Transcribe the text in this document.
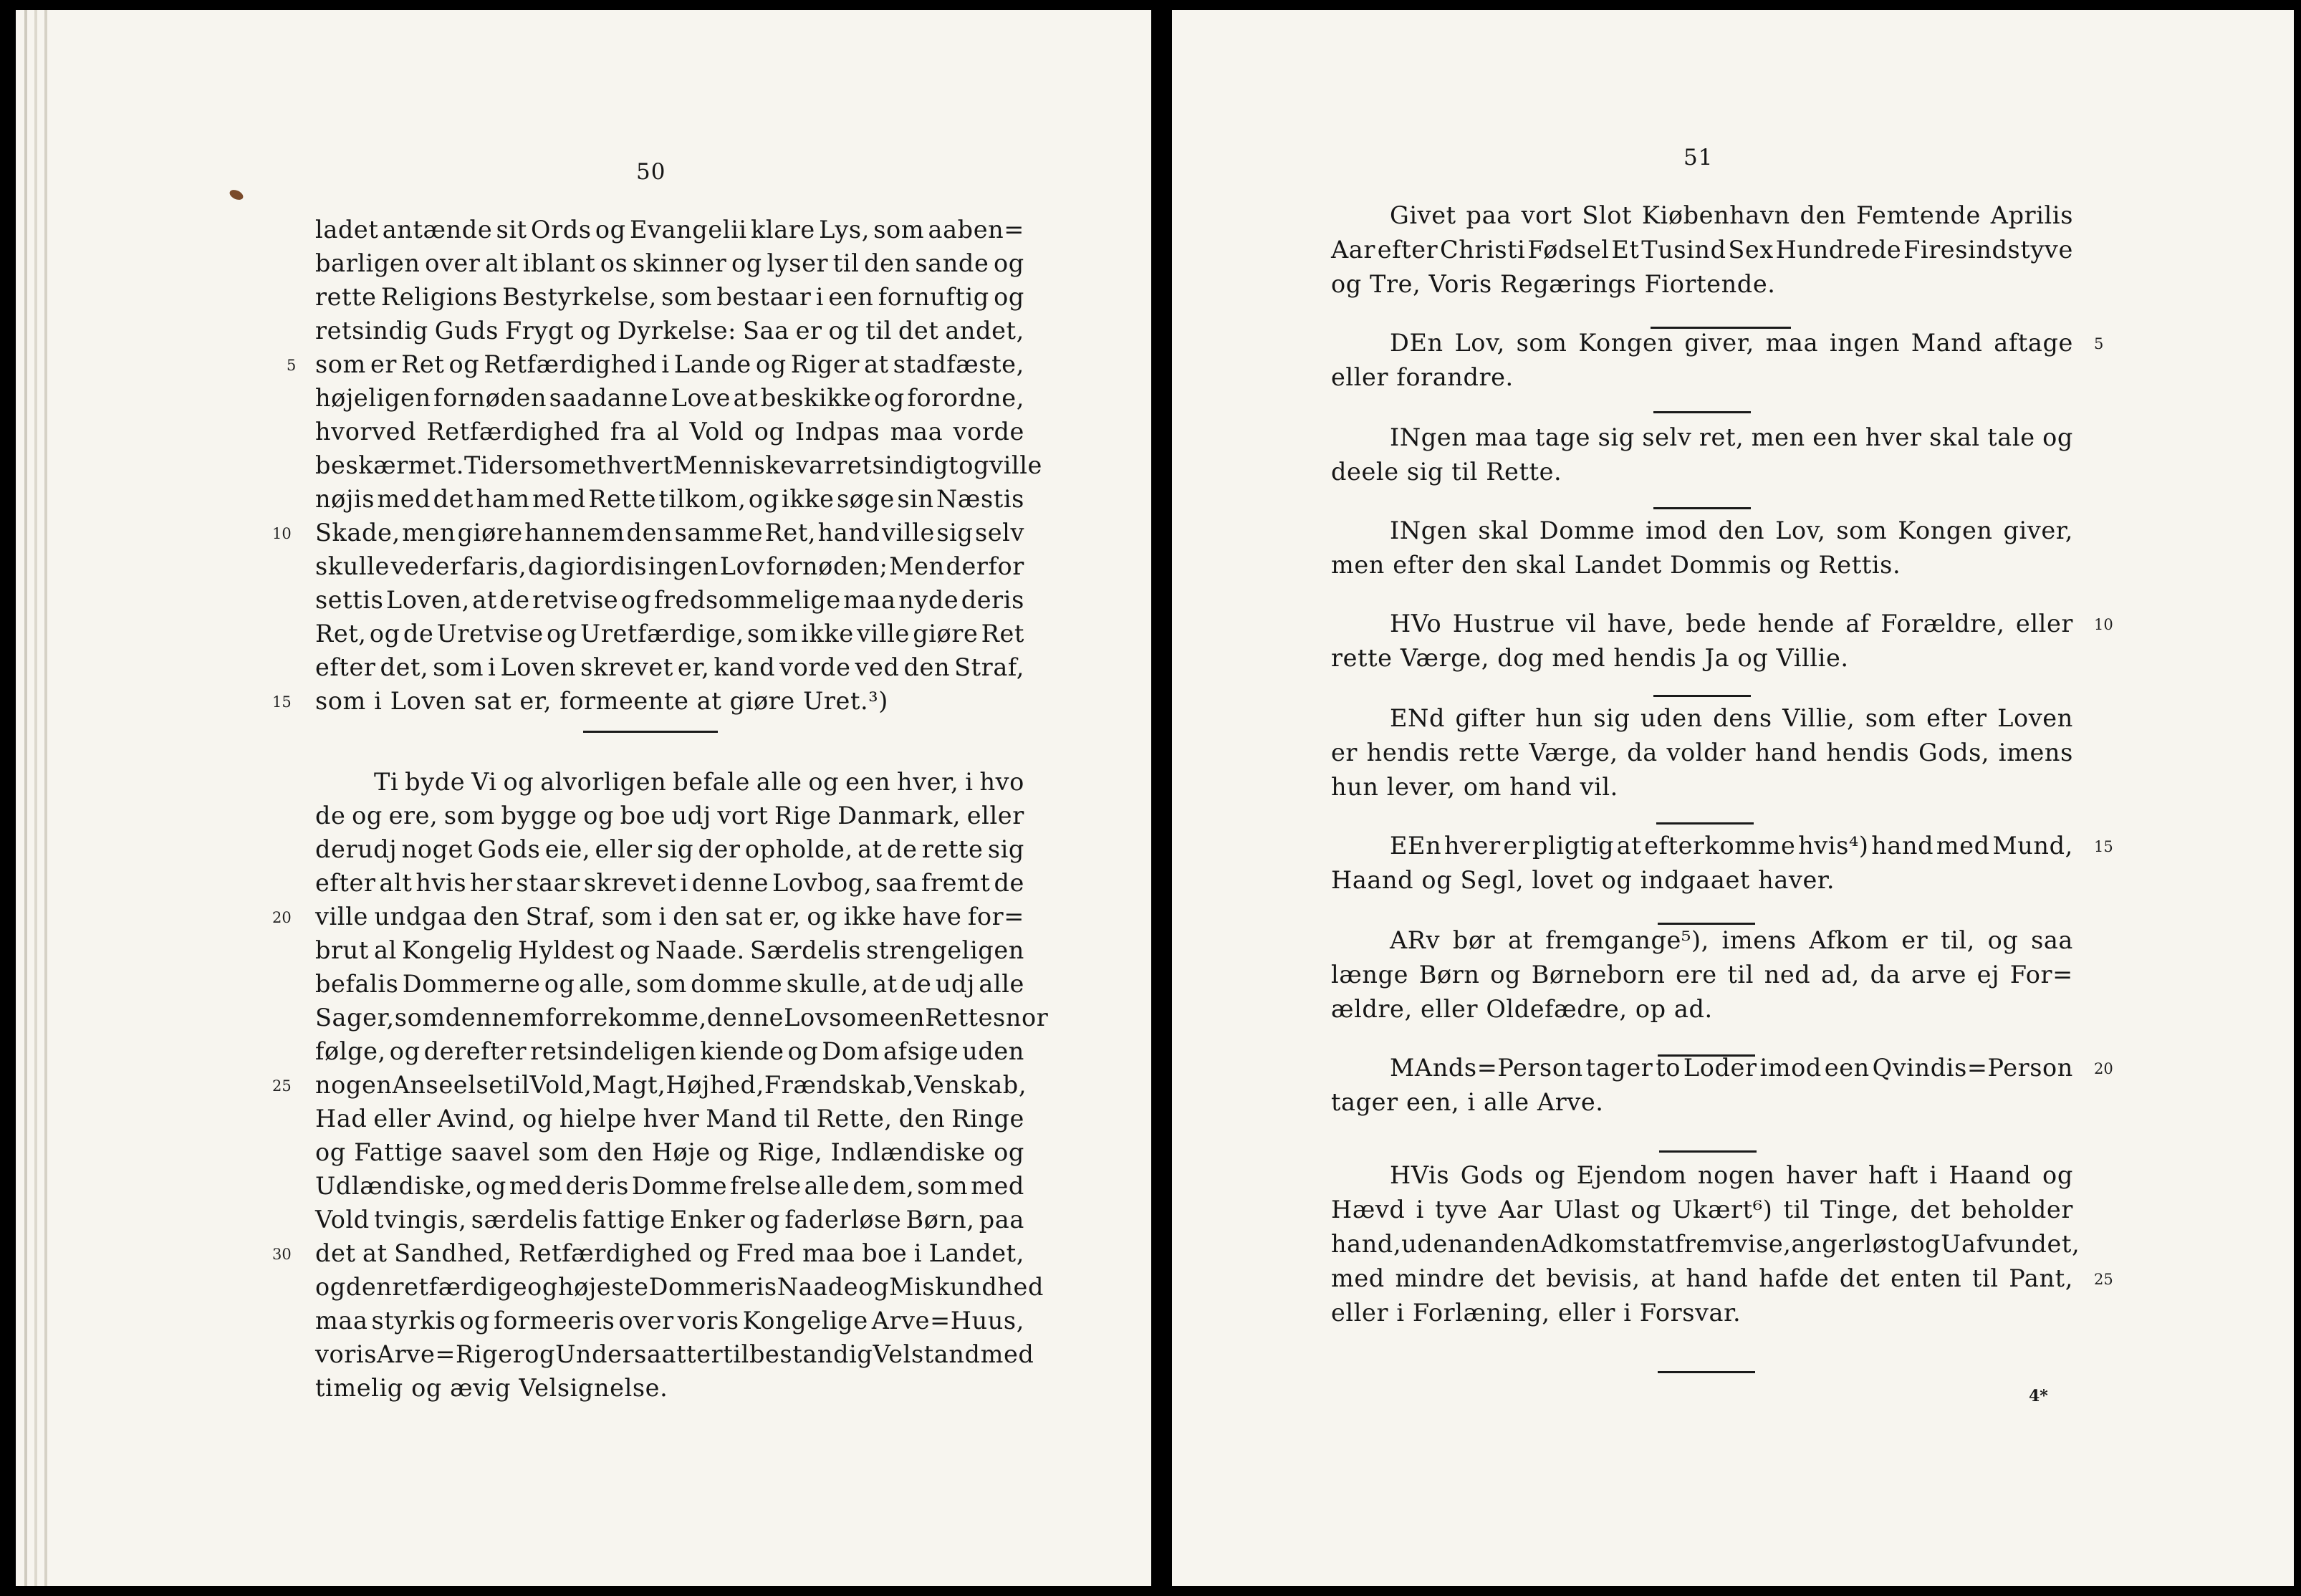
50
ladet antænde sit Ords og Evangelii klare Lys, som aaben=
barligen over alt iblant os skinner og lyser til den sande og
rette Religions Bestyrkelse, som bestaar i een fornuftig og
retsindig Guds Frygt og Dyrkelse: Saa er og til det andet,
som er Ret og Retfærdighed i Lande og Riger at stadfæste,
højeligen fornøden saadanne Love at beskikke og forordne,
hvorved Retfærdighed fra al Vold og Indpas maa vorde
beskærmet. Ti dersom et hvert Menniske var retsindigt og ville
nøjis med det ham med Rette tilkom, og ikke søge sin Næstis
Skade, men giøre hannem den samme Ret, hand ville sig selv
skulle vederfaris, da giordis ingen Lov fornøden; Men derfor
settis Loven, at de retvise og fredsommelige maa nyde deris
Ret, og de Uretvise og Uretfærdige, som ikke ville giøre Ret
efter det, som i Loven skrevet er, kand vorde ved den Straf,
som i Loven sat er, formeente at giøre Uret.³)
Ti byde Vi og alvorligen befale alle og een hver, i hvo
de og ere, som bygge og boe udj vort Rige Danmark, eller
derudj noget Gods eie, eller sig der opholde, at de rette sig
efter alt hvis her staar skrevet i denne Lovbog, saa fremt de
ville undgaa den Straf, som i den sat er, og ikke have for=
brut al Kongelig Hyldest og Naade. Særdelis strengeligen
befalis Dommerne og alle, som domme skulle, at de udj alle
Sager, som dennem forrekomme, denne Lov som een Rettesnor
følge, og derefter retsindeligen kiende og Dom afsige uden
nogen Anseelse til Vold, Magt, Højhed, Frændskab, Venskab,
Had eller Avind, og hielpe hver Mand til Rette, den Ringe
og Fattige saavel som den Høje og Rige, Indlændiske og
Udlændiske, og med deris Domme frelse alle dem, som med
Vold tvingis, særdelis fattige Enker og faderløse Børn, paa
det at Sandhed, Retfærdighed og Fred maa boe i Landet,
og den retfærdige og højeste Dommeris Naade og Miskundhed
maa styrkis og formeeris over voris Kongelige Arve=Huus,
voris Arve=Riger og Undersaatter til bestandig Velstand med
timelig og ævig Velsignelse.
5
10
15
20
25
30
51
Givet paa vort Slot Kiøbenhavn den Femtende Aprilis
Aar efter Christi Fødsel Et Tusind Sex Hundrede Firesindstyve
og Tre, Voris Regærings Fiortende.
DEn Lov, som Kongen giver, maa ingen Mand aftage
eller forandre.
INgen maa tage sig selv ret, men een hver skal tale og
deele sig til Rette.
INgen skal Domme imod den Lov, som Kongen giver,
men efter den skal Landet Dommis og Rettis.
HVo Hustrue vil have, bede hende af Forældre, eller
rette Værge, dog med hendis Ja og Villie.
ENd gifter hun sig uden dens Villie, som efter Loven
er hendis rette Værge, da volder hand hendis Gods, imens
hun lever, om hand vil.
EEn hver er pligtig at efterkomme hvis⁴) hand med Mund,
Haand og Segl, lovet og indgaaet haver.
ARv bør at fremgange⁵), imens Afkom er til, og saa
længe Børn og Børneborn ere til ned ad, da arve ej For=
ældre, eller Oldefædre, op ad.
MAnds=Person tager to Loder imod een Qvindis=Person
tager een, i alle Arve.
HVis Gods og Ejendom nogen haver haft i Haand og
Hævd i tyve Aar Ulast og Ukært⁶) til Tinge, det beholder
hand, uden anden Adkomst at fremvise, angerløst og Uafvundet,
med mindre det bevisis, at hand hafde det enten til Pant,
eller i Forlæning, eller i Forsvar.
4*
5
10
15
20
25
